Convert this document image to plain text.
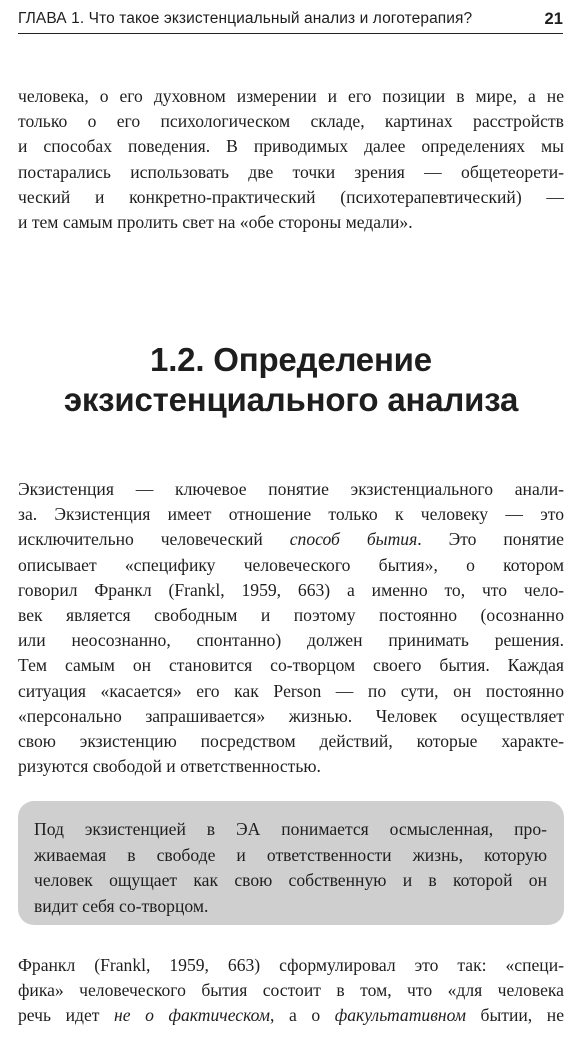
ГЛАВА 1. Что такое экзистенциальный анализ и логотерапия?	21
человека, о его духовном измерении и его позиции в мире, а не
только о его психологическом складе, картинах расстройств
и способах поведения. В приводимых далее определениях мы
постарались использовать две точки зрения — общетеорети-
ческий и конкретно-практический (психотерапевтический) —
и тем самым пролить свет на «обе стороны медали».
1.2. Определение
экзистенциального анализа
Экзистенция — ключевое понятие экзистенциального анали-
за. Экзистенция имеет отношение только к человеку — это
исключительно человеческий способ бытия. Это понятие
описывает «специфику человеческого бытия», о котором
говорил Франкл (Frankl, 1959, 663) а именно то, что чело-
век является свободным и поэтому постоянно (осознанно
или неосознанно, спонтанно) должен принимать решения.
Тем самым он становится со-творцом своего бытия. Каждая
ситуация «касается» его как Person — по сути, он постоянно
«персонально запрашивается» жизнью. Человек осуществляет
свою экзистенцию посредством действий, которые характе-
ризуются свободой и ответственностью.
Под экзистенцией в ЭА понимается осмысленная, про-
живаемая в свободе и ответственности жизнь, которую
человек ощущает как свою собственную и в которой он
видит себя со-творцом.
Франкл (Frankl, 1959, 663) сформулировал это так: «специ-
фика» человеческого бытия состоит в том, что «для человека
речь идет не о фактическом, а о факультативном бытии, не
